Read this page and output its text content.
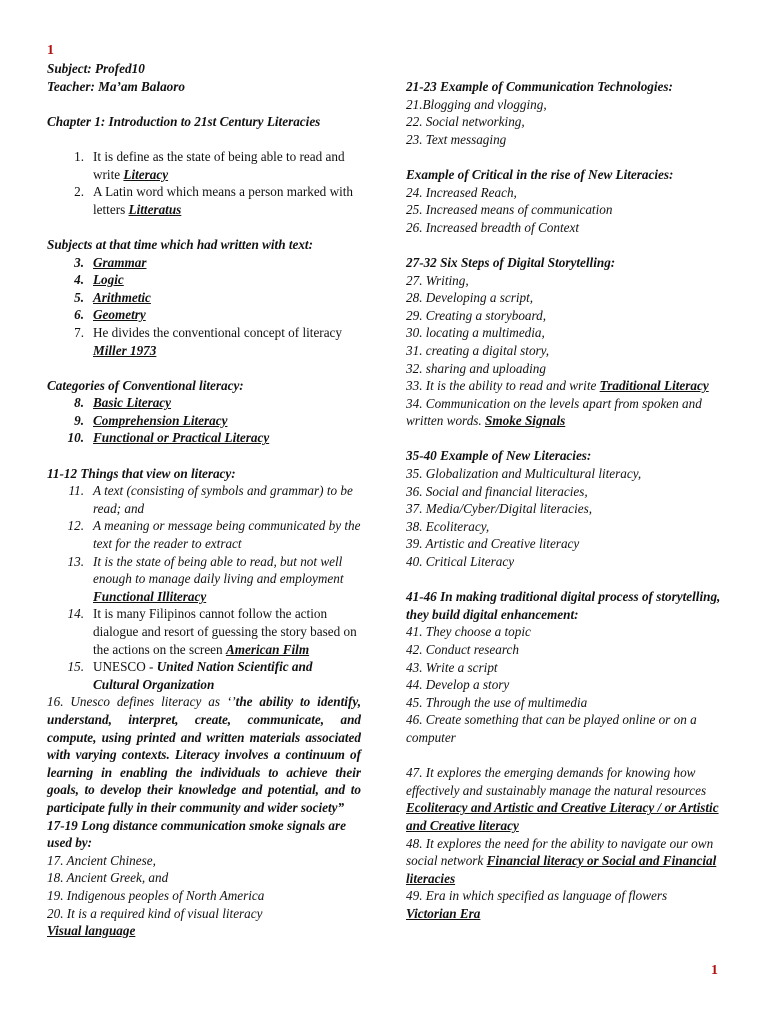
1

Subject: Profed10

Teacher: Ma’am Balaoro

Chapter 1: Introduction to 21st Century Literacies

1. It is define as the state of being able to read and write Literacy
2. A Latin word which means a person marked with letters Litteratus

Subjects at that time which had written with text:

3. Grammar
4. Logic
5. Arithmetic
6. Geometry
7. He divides the conventional concept of literacy Miller 1973

Categories of Conventional literacy:

8. Basic Literacy
9. Comprehension Literacy
10. Functional or Practical Literacy

11-12 Things that view on literacy:

11. A text (consisting of symbols and grammar) to be read; and
12. A meaning or message being communicated by the text for the reader to extract
13. It is the state of being able to read, but not well enough to manage daily living and employment Functional Illiteracy
14. It is many Filipinos cannot follow the action dialogue and resort of guessing the story based on the actions on the screen American Film
15. UNESCO - United Nation Scientific and Cultural Organization

16. Unesco defines literacy as ‘’the ability to identify, understand, interpret, create, communicate, and compute, using printed and written materials associated with varying contexts. Literacy involves a continuum of learning in enabling the individuals to achieve their goals, to develop their knowledge and potential, and to participate fully in their community and wider society”

17-19 Long distance communication smoke signals are used by:

17. Ancient Chinese,

18. Ancient Greek, and

19. Indigenous peoples of North America

20. It is a required kind of visual literacy

Visual language

21-23 Example of Communication Technologies:

21.Blogging and vlogging,

22. Social networking,

23. Text messaging

Example of Critical in the rise of New Literacies:

24. Increased Reach,

25. Increased means of communication

26. Increased breadth of Context

27-32 Six Steps of Digital Storytelling:

27. Writing,

28. Developing a script,

29. Creating a storyboard,

30. locating a multimedia,

31. creating a digital story,

32. sharing and uploading

33. It is the ability to read and write Traditional Literacy

34. Communication on the levels apart from spoken and written words. Smoke Signals

35-40 Example of New Literacies:

35. Globalization and Multicultural literacy,

36. Social and financial literacies,

37. Media/Cyber/Digital literacies,

38. Ecoliteracy,

39. Artistic and Creative literacy

40. Critical Literacy

41-46 In making traditional digital process of storytelling, they build digital enhancement:

41. They choose a topic

42. Conduct research

43. Write a script

44. Develop a story

45. Through the use of multimedia

46. Create something that can be played online or on a computer

47. It explores the emerging demands for knowing how effectively and sustainably manage the natural resources

Ecoliteracy and Artistic and Creative Literacy / or Artistic and Creative literacy

48. It explores the need for the ability to navigate our own social network Financial literacy or Social and Financial literacies

49. Era in which specified as language of flowers

Victorian Era

1
